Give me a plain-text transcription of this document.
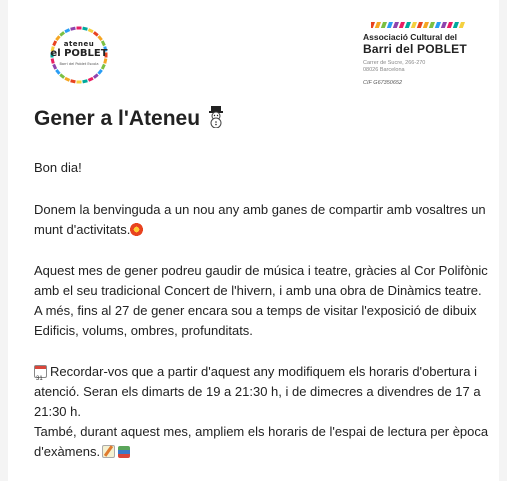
ateneu
el POBLET
Barri del Poblet Escola
Associació Cultural del
Barri del POBLET
Carrer de Sucre, 266-270
08026 Barcelona
CIF G67350652
Gener a l'Ateneu
Bon dia!
Donem la benvinguda a un nou any amb ganes de compartir amb vosaltres un
munt d'activitats.
Aquest mes de gener podreu gaudir de música i teatre, gràcies al Cor Polifònic
amb el seu tradicional Concert de l'hivern, i amb una obra de Dinàmics teatre.
A més, fins al 27 de gener encara sou a temps de visitar l'exposició de dibuix
Edificis, volums, ombres, profunditats.
31Recordar-vos que a partir d'aquest any modifiquem els horaris d'obertura i
atenció. Seran els dimarts de 19 a 21:30 h, i de dimecres a divendres de 17 a
21:30 h.
També, durant aquest mes, ampliem els horaris de l'espai de lectura per època
d'exàmens.
